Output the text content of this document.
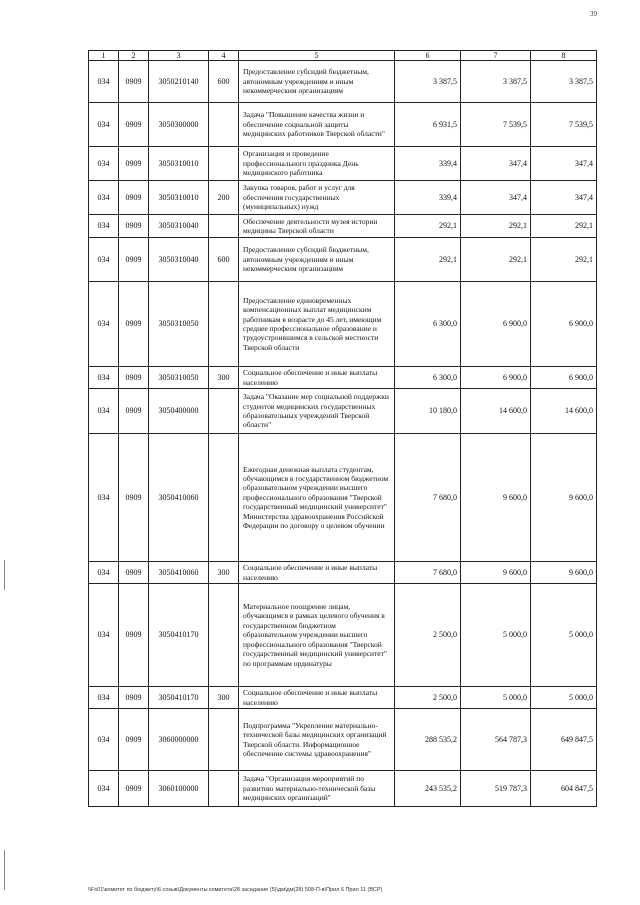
39
1	2	3	4	5	6	7	8
034	0909	3050210140	600	Предоставление субсидий бюджетным, автономным учреждениям и иным некоммерческим организациям	3 387,5	3 387,5	3 387,5
034	0909	3050300000		Задача "Повышение качества жизни и обеспечение социальной защиты медицинских работников Тверской области"	6 931,5	7 539,5	7 539,5
034	0909	3050310010		Организация и проведение профессионального праздника День медицинского работника	339,4	347,4	347,4
034	0909	3050310010	200	Закупка товаров, работ и услуг для обеспечения государственных (муниципальных) нужд	339,4	347,4	347,4
034	0909	3050310040		Обеспечение деятельности музея истории медицины Тверской области	292,1	292,1	292,1
034	0909	3050310040	600	Предоставление субсидий бюджетным, автономным учреждениям и иным некоммерческим организациям	292,1	292,1	292,1
034	0909	3050310050		Предоставление единовременных компенсационных выплат медицинским работникам в возрасте до 45 лет, имеющим среднее профессиональное образование и трудоустроившимся в сельской местности Тверской области	6 300,0	6 900,0	6 900,0
034	0909	3050310050	300	Социальное обеспечение и иные выплаты населению	6 300,0	6 900,0	6 900,0
034	0909	3050400000		Задача "Оказание мер социальной поддержки студентов медицинских государственных образовательных учреждений Тверской области"	10 180,0	14 600,0	14 600,0
034	0909	3050410060		Ежегодная денежная выплата студентам, обучающимся в государственном бюджетном образовательном учреждении высшего профессионального образования "Тверской государственный медицинский университет" Министерства здравоохранения Российской Федерации по договору о целевом обучении	7 680,0	9 600,0	9 600,0
034	0909	3050410060	300	Социальное обеспечение и иные выплаты населению	7 680,0	9 600,0	9 600,0
034	0909	3050410170		Материальное поощрение лицам, обучающимся в рамках целевого обучения в государственном бюджетном образовательном учреждении высшего профессионального образования "Тверской государственный медицинский университет" по программам ординатуры	2 500,0	5 000,0	5 000,0
034	0909	3050410170	300	Социальное обеспечение и иные выплаты населению	2 500,0	5 000,0	5 000,0
034	0909	3060000000		Подпрограмма "Укрепление материально-технической базы медицинских организаций Тверской области. Информационное обеспечение системы здравоохранения"	288 535,2	564 787,3	649 847,5
034	0909	3060100000		Задача "Организация мероприятий по развитию материально-технической базы медицинских организаций"	243 535,2	519 787,3	604 847,5
\\Fs01\комитет по бюджету\6 созыв\Документы комитета\28 заседание (5)\дм\дм(28) 508-П-в\Прил 6 Прил 11 (ВСР)
